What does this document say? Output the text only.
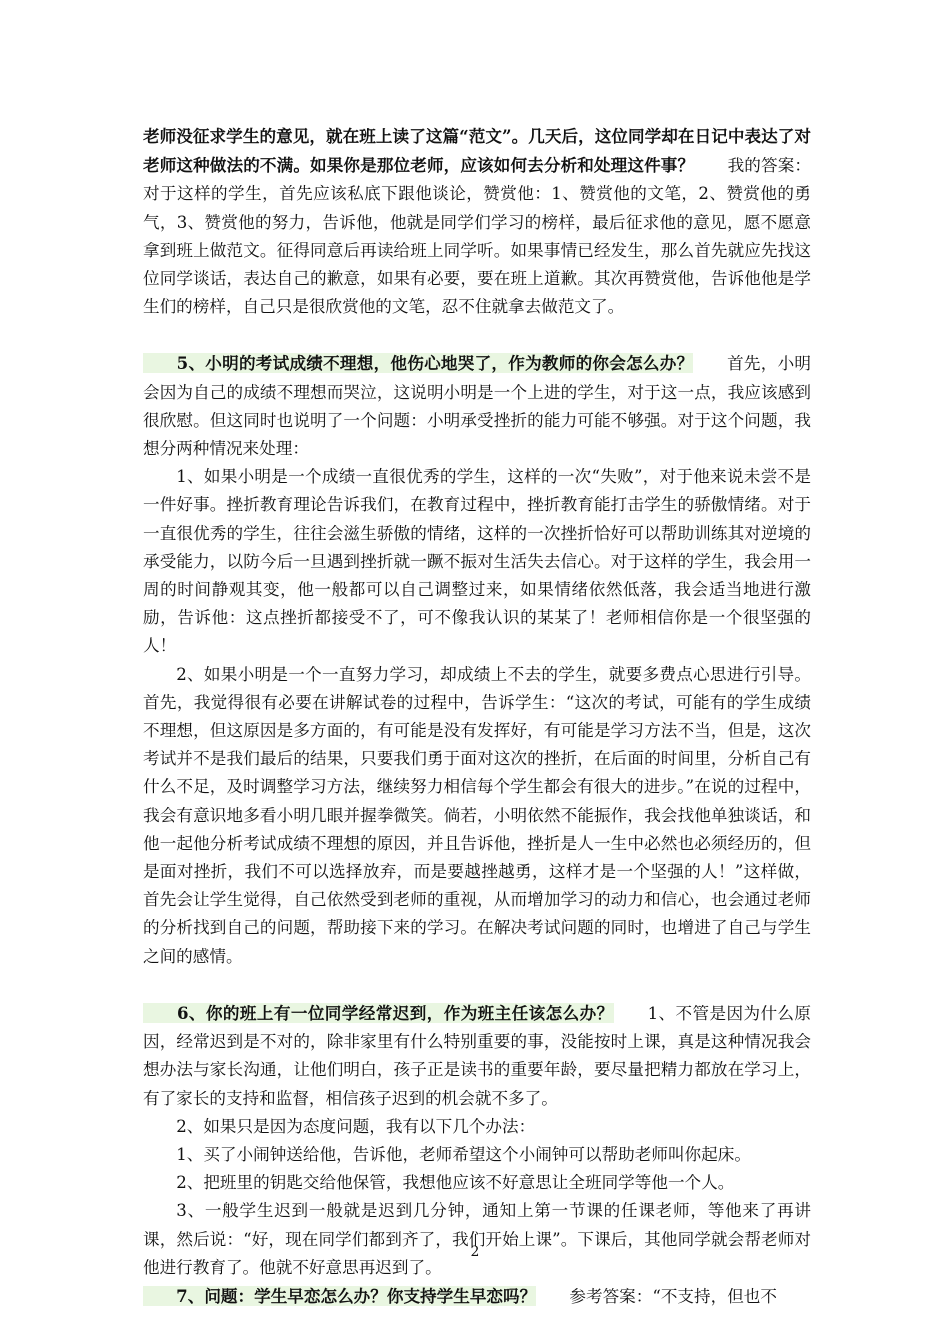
老师没征求学生的意见，就在班上读了这篇“范文”。几天后，这位同学却在日记中表达了对老师这种做法的不满。如果你是那位老师，应该如何去分析和处理这件事？　　我的答案：对于这样的学生，首先应该私底下跟他谈论，赞赏他：1、赞赏他的文笔，2、赞赏他的勇气，3、赞赏他的努力，告诉他，他就是同学们学习的榜样，最后征求他的意见，愿不愿意拿到班上做范文。征得同意后再读给班上同学听。如果事情已经发生，那么首先就应先找这位同学谈话，表达自己的歉意，如果有必要，要在班上道歉。其次再赞赏他，告诉他他是学生们的榜样，自己只是很欣赏他的文笔，忍不住就拿去做范文了。

　　5、小明的考试成绩不理想，他伤心地哭了，作为教师的你会怎么办？　　首先，小明会因为自己的成绩不理想而哭泣，这说明小明是一个上进的学生，对于这一点，我应该感到很欣慰。但这同时也说明了一个问题：小明承受挫折的能力可能不够强。对于这个问题，我想分两种情况来处理：

1、如果小明是一个成绩一直很优秀的学生，这样的一次“失败”，对于他来说未尝不是一件好事。挫折教育理论告诉我们，在教育过程中，挫折教育能打击学生的骄傲情绪。对于一直很优秀的学生，往往会滋生骄傲的情绪，这样的一次挫折恰好可以帮助训练其对逆境的承受能力，以防今后一旦遇到挫折就一蹶不振对生活失去信心。对于这样的学生，我会用一周的时间静观其变，他一般都可以自己调整过来，如果情绪依然低落，我会适当地进行激励，告诉他：这点挫折都接受不了，可不像我认识的某某了！老师相信你是一个很坚强的人！

2、如果小明是一个一直努力学习，却成绩上不去的学生，就要多费点心思进行引导。首先，我觉得很有必要在讲解试卷的过程中，告诉学生：“这次的考试，可能有的学生成绩不理想，但这原因是多方面的，有可能是没有发挥好，有可能是学习方法不当，但是，这次考试并不是我们最后的结果，只要我们勇于面对这次的挫折，在后面的时间里，分析自己有什么不足，及时调整学习方法，继续努力相信每个学生都会有很大的进步。”在说的过程中，我会有意识地多看小明几眼并握拳微笑。倘若，小明依然不能振作，我会找他单独谈话，和他一起他分析考试成绩不理想的原因，并且告诉他，挫折是人一生中必然也必须经历的，但是面对挫折，我们不可以选择放弃，而是要越挫越勇，这样才是一个坚强的人！”这样做，首先会让学生觉得，自己依然受到老师的重视，从而增加学习的动力和信心，也会通过老师的分析找到自己的问题，帮助接下来的学习。在解决考试问题的同时，也增进了自己与学生之间的感情。

　　6、你的班上有一位同学经常迟到，作为班主任该怎么办？　　1、不管是因为什么原因，经常迟到是不对的，除非家里有什么特别重要的事，没能按时上课，真是这种情况我会想办法与家长沟通，让他们明白，孩子正是读书的重要年龄，要尽量把精力都放在学习上，有了家长的支持和监督，相信孩子迟到的机会就不多了。

2、如果只是因为态度问题，我有以下几个办法：

1、买了小闹钟送给他，告诉他，老师希望这个小闹钟可以帮助老师叫你起床。

2、把班里的钥匙交给他保管，我想他应该不好意思让全班同学等他一个人。

3、一般学生迟到一般就是迟到几分钟，通知上第一节课的任课老师，等他来了再讲课，然后说：“好，现在同学们都到齐了，我们开始上课”。下课后，其他同学就会帮老师对他进行教育了。他就不好意思再迟到了。

　　7、问题：学生早恋怎么办？你支持学生早恋吗？　　参考答案：“不支持，但也不

2
